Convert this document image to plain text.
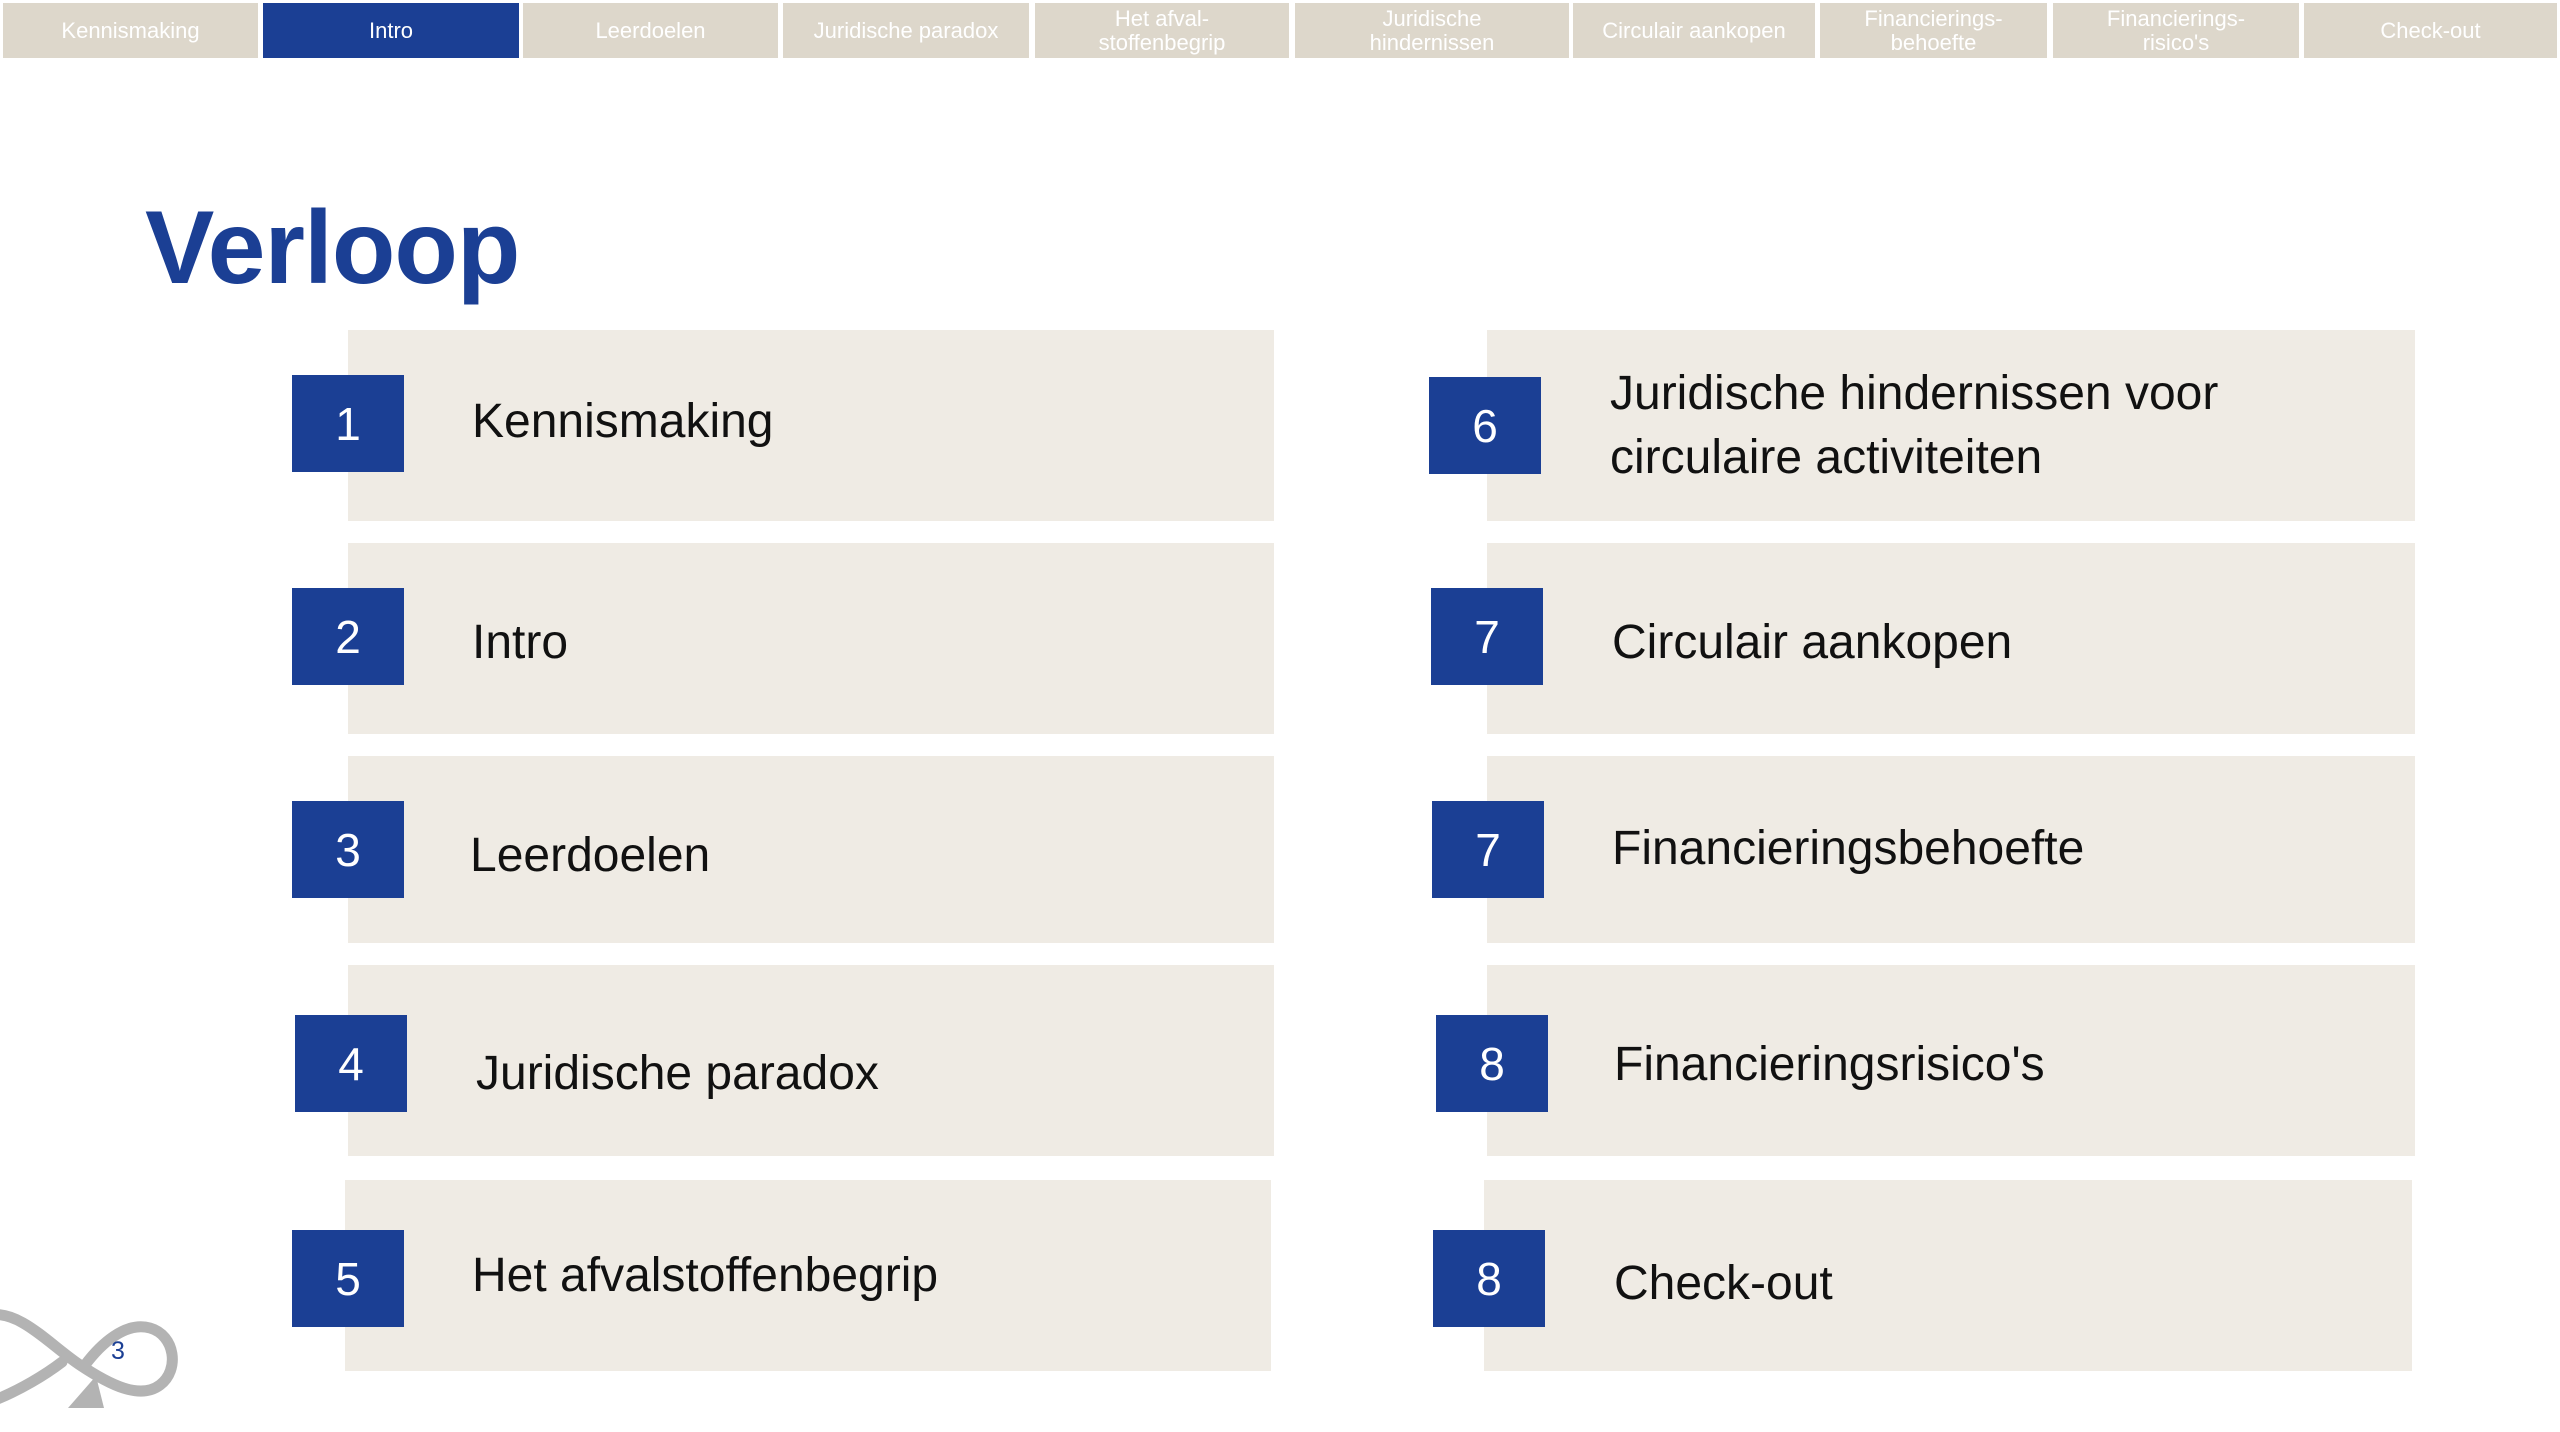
Kennismaking	Intro	Leerdoelen	Juridische paradox	Het afval-
stoffenbegrip
Juridische
hindernissen	Circulair aankopen	Financierings-
behoefte
Financierings-
risico's	Check-out
Verloop
1	Kennismaking
2	Intro
3	Leerdoelen
4	Juridische paradox
5	Het afvalstoffenbegrip
6
Juridische hindernissen voor
circulaire activiteiten
7	Circulair aankopen
7	Financieringsbehoefte
8	Financieringsrisico's
8	Check-out
3
